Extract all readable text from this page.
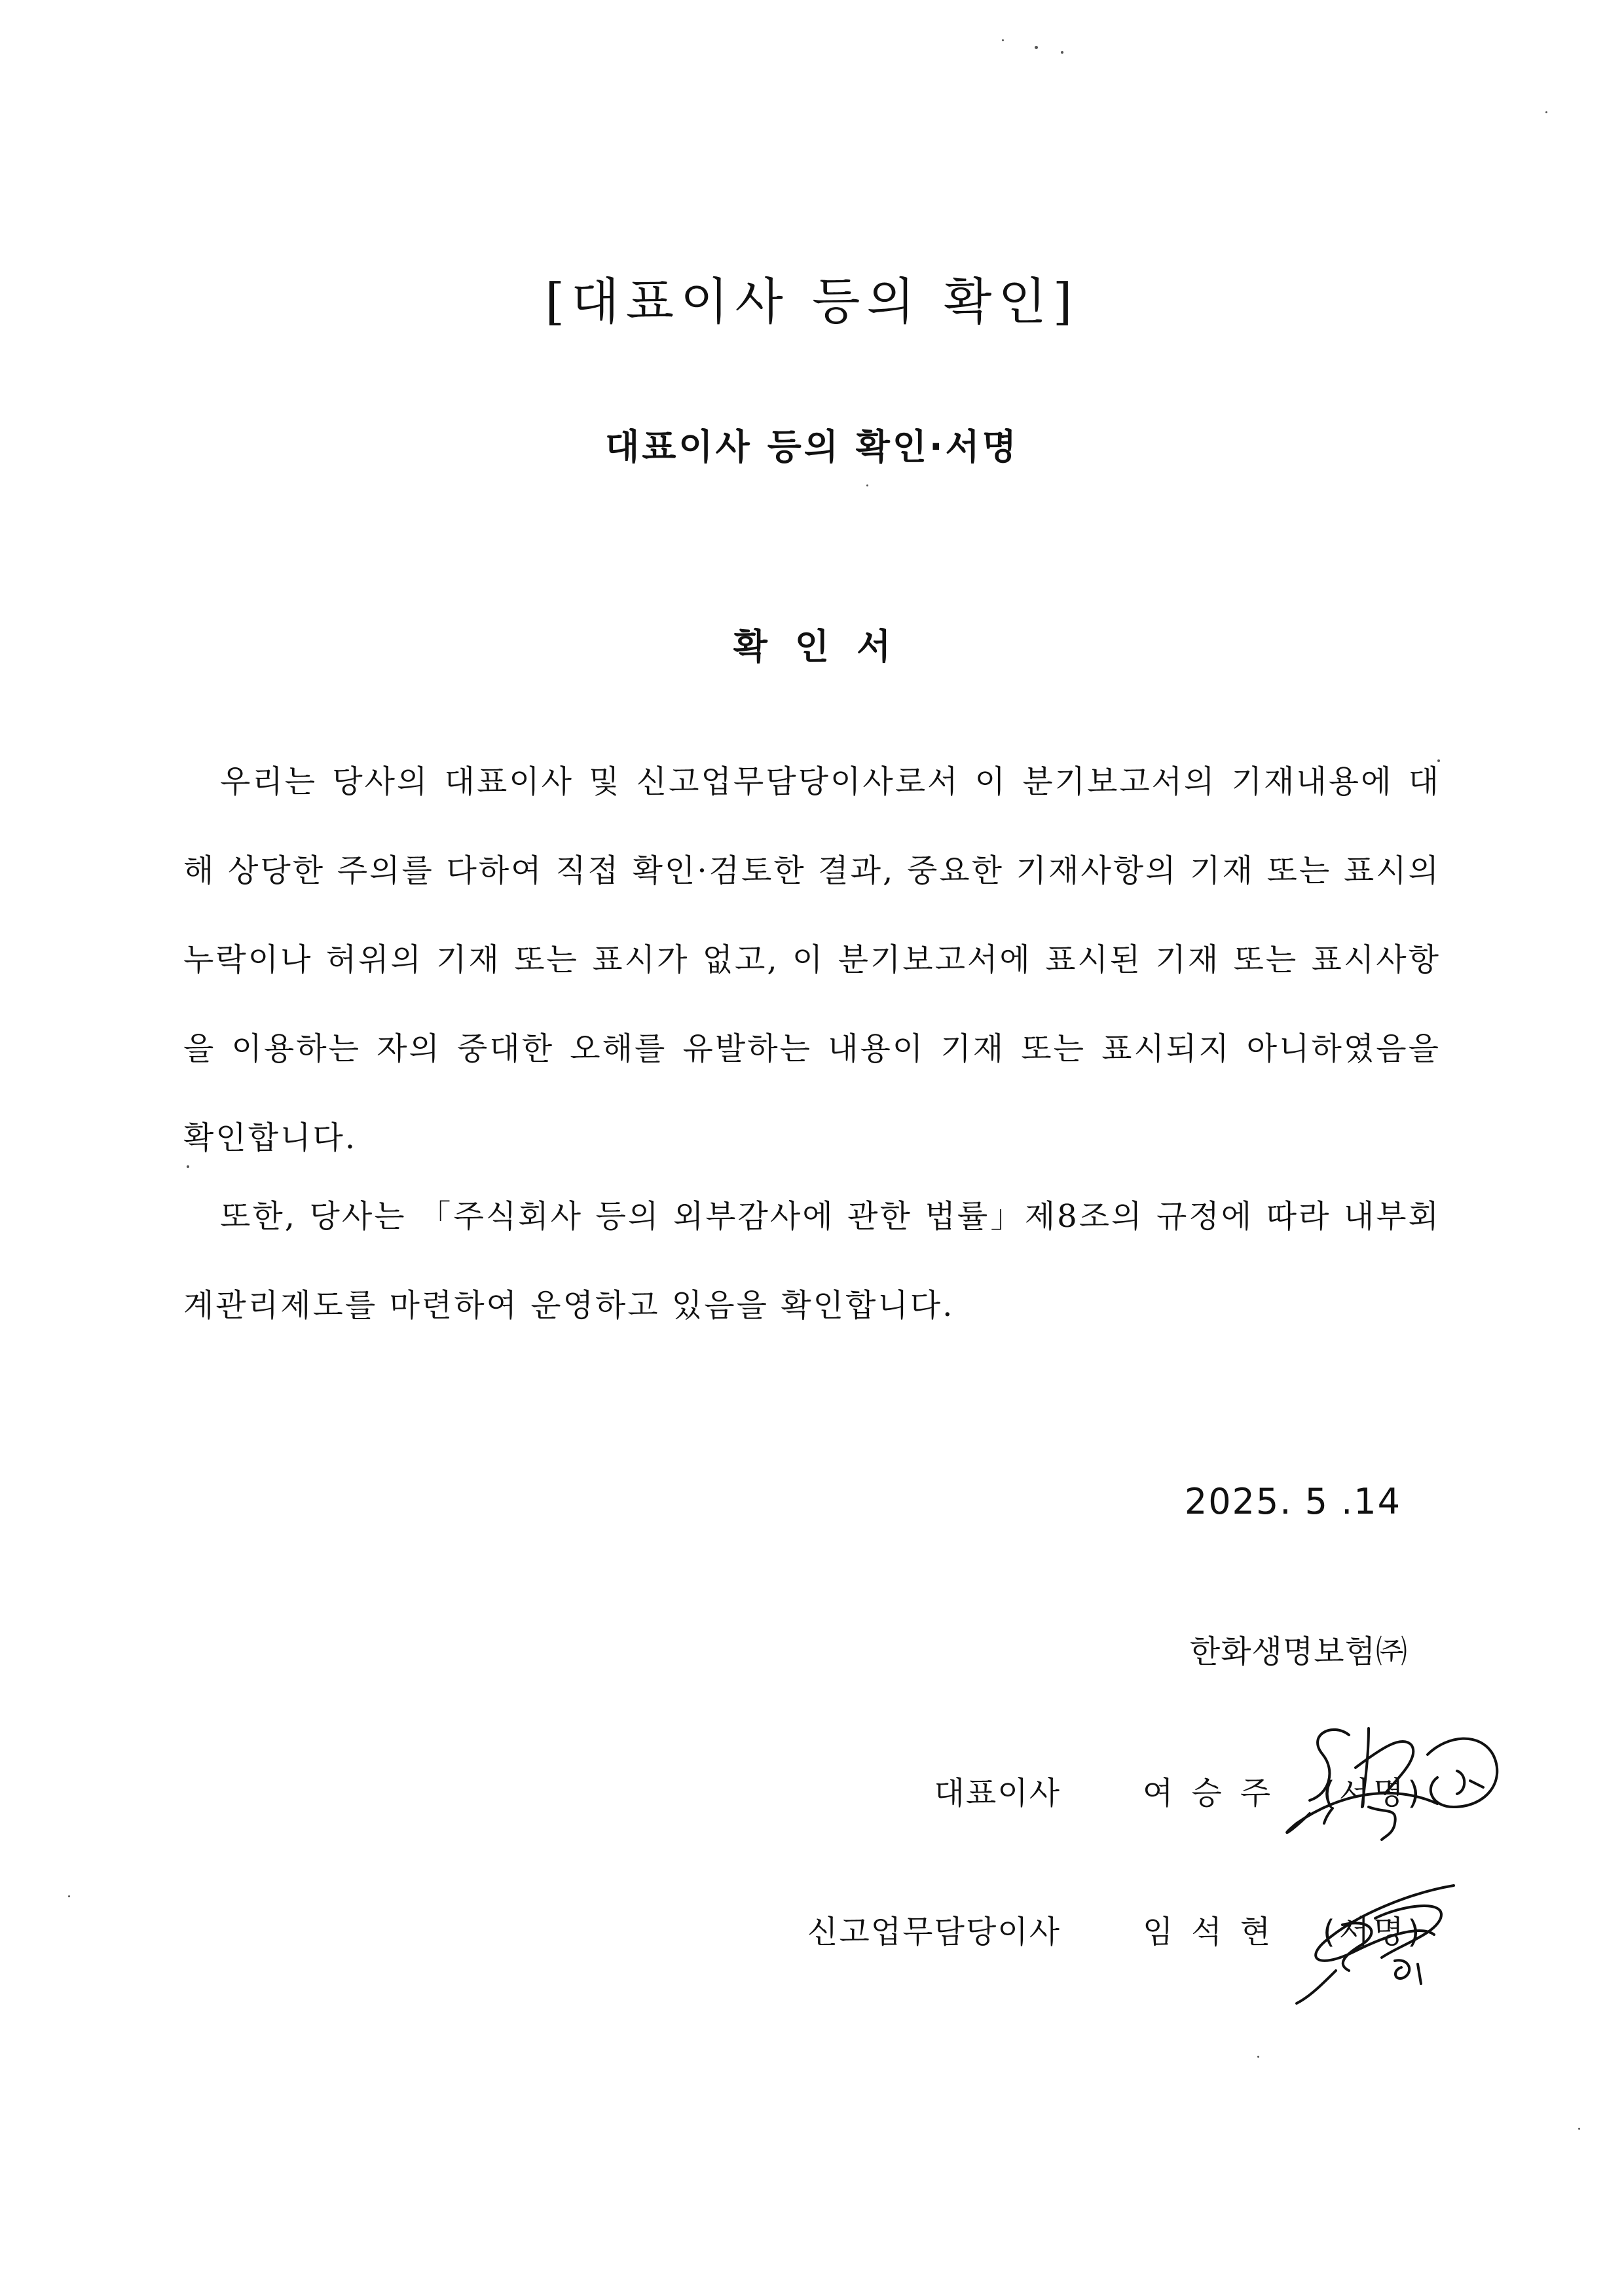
[대표이사 등의 확인]
대표이사 등의 확인·서명
확인서

우리는 당사의 대표이사 및 신고업무담당이사로서 이 분기보고서의 기재내용에 대해 상당한 주의를 다하여 직접 확인·검토한 결과, 중요한 기재사항의 기재 또는 표시의 누락이나 허위의 기재 또는 표시가 없고, 이 분기보고서에 표시된 기재 또는 표시사항을 이용하는 자의 중대한 오해를 유발하는 내용이 기재 또는 표시되지 아니하였음을 확인합니다.

또한, 당사는 「주식회사 등의 외부감사에 관한 법률」제8조의 규정에 따라 내부회계관리제도를 마련하여 운영하고 있음을 확인합니다.

2025. 5 .14
한화생명보험㈜
대표이사	여승주 (서명)
신고업무담당이사	임석현 (서명)
